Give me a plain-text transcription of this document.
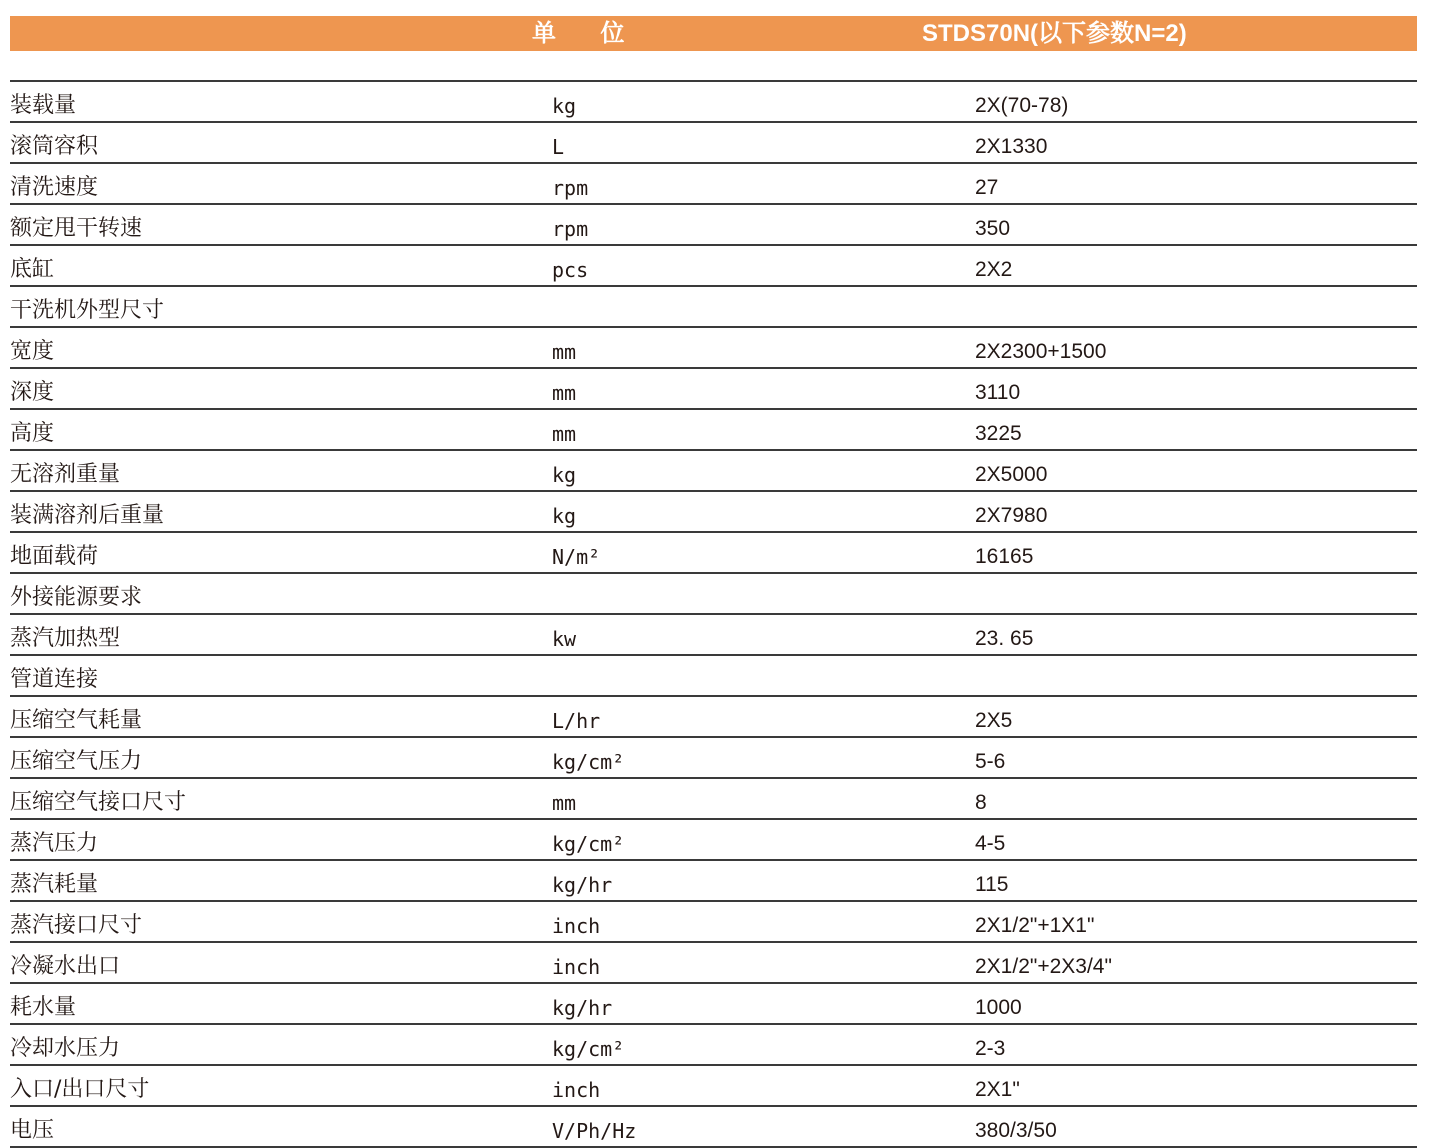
单 位	STDS70N(以下参数N=2)
装载量	kg	2X(70-78)
滚筒容积	L	2X1330
清洗速度	rpm	27
额定甩干转速	rpm	350
底缸	pcs	2X2
干洗机外型尺寸
宽度	mm	2X2300+1500
深度	mm	3110
高度	mm	3225
无溶剂重量	kg	2X5000
装满溶剂后重量	kg	2X7980
地面载荷	N/m²	16165
外接能源要求
蒸汽加热型	kw	23. 65
管道连接
压缩空气耗量	L/hr	2X5
压缩空气压力	kg/cm²	5-6
压缩空气接口尺寸	mm	8
蒸汽压力	kg/cm²	4-5
蒸汽耗量	kg/hr	115
蒸汽接口尺寸	inch	2X1/2"+1X1"
冷凝水出口	inch	2X1/2"+2X3/4"
耗水量	kg/hr	1000
冷却水压力	kg/cm²	2-3
入口/出口尺寸	inch	2X1"
电压	V/Ph/Hz	380/3/50
